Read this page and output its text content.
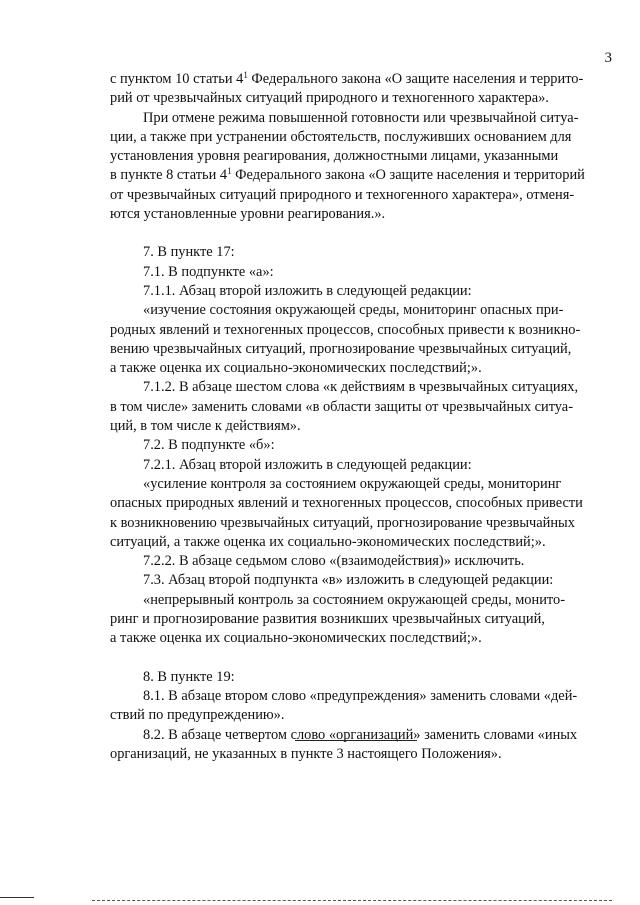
3

с пунктом 10 статьи $4^1$ Федерального закона «О защите населения и террито-
рий от чрезвычайных ситуаций природного и техногенного характера».

При отмене режима повышенной готовности или чрезвычайной ситуа-
ции, а также при устранении обстоятельств, послуживших основанием для
установления уровня реагирования, должностными лицами, указанными
в пункте 8 статьи $4^1$ Федерального закона «О защите населения и территорий
от чрезвычайных ситуаций природного и техногенного характера», отменя-
ются установленные уровни реагирования.».

7. В пункте 17:

7.1. В подпункте «а»:

7.1.1. Абзац второй изложить в следующей редакции:

«изучение состояния окружающей среды, мониторинг опасных при-
родных явлений и техногенных процессов, способных привести к возникно-
вению чрезвычайных ситуаций, прогнозирование чрезвычайных ситуаций,
а также оценка их социально-экономических последствий;».

7.1.2. В абзаце шестом слова «к действиям в чрезвычайных ситуациях,
в том числе» заменить словами «в области защиты от чрезвычайных ситуа-
ций, в том числе к действиям».

7.2. В подпункте «б»:

7.2.1. Абзац второй изложить в следующей редакции:

«усиление контроля за состоянием окружающей среды, мониторинг
опасных природных явлений и техногенных процессов, способных привести
к возникновению чрезвычайных ситуаций, прогнозирование чрезвычайных
ситуаций, а также оценка их социально-экономических последствий;».

7.2.2. В абзаце седьмом слово «(взаимодействия)» исключить.

7.3. Абзац второй подпункта «в» изложить в следующей редакции:

«непрерывный контроль за состоянием окружающей среды, монито-
ринг и прогнозирование развития возникших чрезвычайных ситуаций,
а также оценка их социально-экономических последствий;».

8. В пункте 19:

8.1. В абзаце втором слово «предупреждения» заменить словами «дей-
ствий по предупреждению».

8.2. В абзаце четвертом слово «организаций» заменить словами «иных
организаций, не указанных в пункте 3 настоящего Положения».
